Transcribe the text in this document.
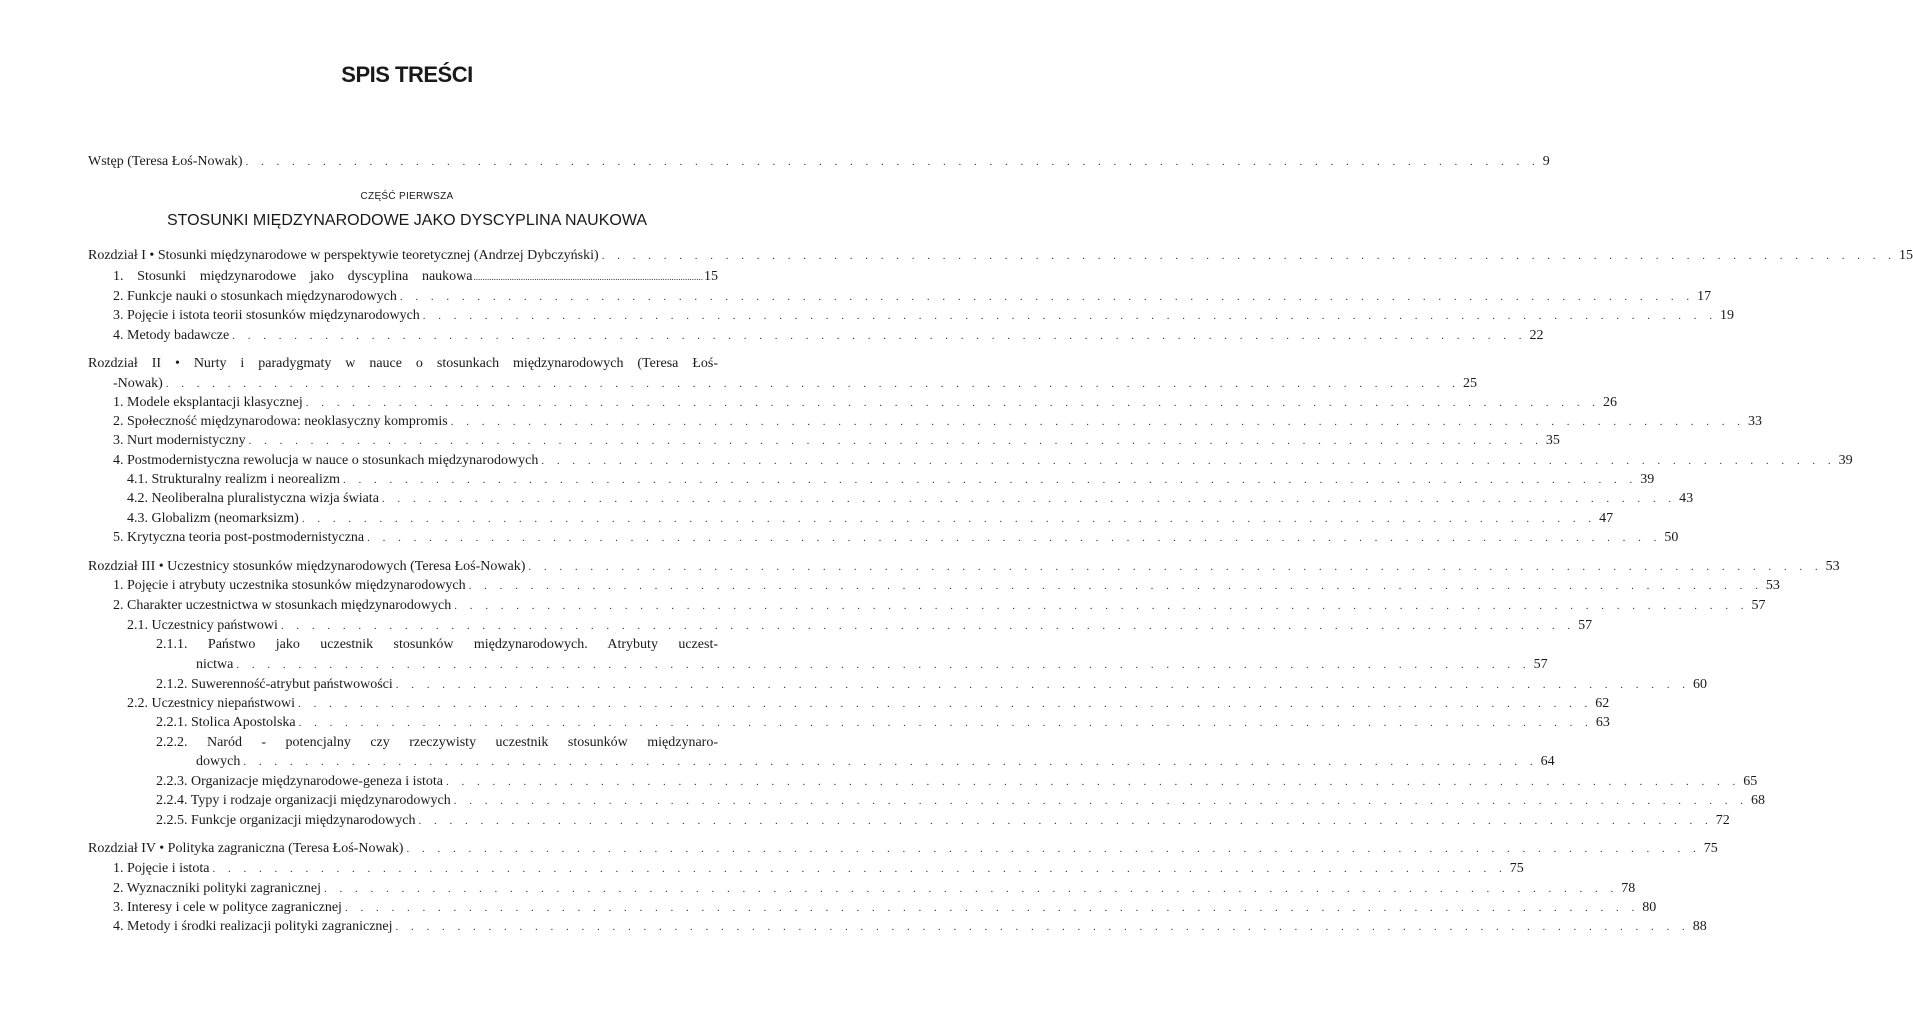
SPIS TREŚCI
Wstęp (Teresa Łoś-Nowak) . . . . . . . . . . . . . . . . . . . . . . . . . . . . . . . . . . . . . . . . . . . . . . . . . . . . . . . . . . . . . . . . . . . . . . . . . . . . . . . . . . . . 9
CZĘŚĆ PIERWSZA
STOSUNKI MIĘDZYNARODOWE JAKO DYSCYPLINA NAUKOWA
Rozdział I • Stosunki międzynarodowe w perspektywie teoretycznej (Andrzej Dybczyński) . . . . . . . . . . . . . . . . . . . . . . . . . . . . . . . . . . . . . . . . . . . . . . . . . . . . . . . . . . . . . . . . . . . . . . . . . . . . . . . . . . . . 15
1. Stosunki międzynarodowe jako dyscyplina naukowa ...................................................................................................... 15
2. Funkcje nauki o stosunkach międzynarodowych . . . . . . . . . . . . . . . . . . . . . . . . . . . . . . . . . . . . . . . . . . . . . . . . . . . . . . . . . . . . . . . . . . . . . . . . . . . . . . . . . . . . 17
3. Pojęcie i istota teorii stosunków międzynarodowych . . . . . . . . . . . . . . . . . . . . . . . . . . . . . . . . . . . . . . . . . . . . . . . . . . . . . . . . . . . . . . . . . . . . . . . . . . . . . . . . . . . . 19
4. Metody badawcze . . . . . . . . . . . . . . . . . . . . . . . . . . . . . . . . . . . . . . . . . . . . . . . . . . . . . . . . . . . . . . . . . . . . . . . . . . . . . . . . . . . . 22
Rozdział II • Nurty i paradygmaty w nauce o stosunkach międzynarodowych (Teresa Łoś-
-Nowak) . . . . . . . . . . . . . . . . . . . . . . . . . . . . . . . . . . . . . . . . . . . . . . . . . . . . . . . . . . . . . . . . . . . . . . . . . . . . . . . . . . . . 25
1. Modele eksplantacji klasycznej . . . . . . . . . . . . . . . . . . . . . . . . . . . . . . . . . . . . . . . . . . . . . . . . . . . . . . . . . . . . . . . . . . . . . . . . . . . . . . . . . . . . 26
2. Społeczność międzynarodowa: neoklasyczny kompromis . . . . . . . . . . . . . . . . . . . . . . . . . . . . . . . . . . . . . . . . . . . . . . . . . . . . . . . . . . . . . . . . . . . . . . . . . . . . . . . . . . . . 33
3. Nurt modernistyczny . . . . . . . . . . . . . . . . . . . . . . . . . . . . . . . . . . . . . . . . . . . . . . . . . . . . . . . . . . . . . . . . . . . . . . . . . . . . . . . . . . . . 35
4. Postmodernistyczna rewolucja w nauce o stosunkach międzynarodowych . . . . . . . . . . . . . . . . . . . . . . . . . . . . . . . . . . . . . . . . . . . . . . . . . . . . . . . . . . . . . . . . . . . . . . . . . . . . . . . . . . . . 39
4.1. Strukturalny realizm i neorealizm . . . . . . . . . . . . . . . . . . . . . . . . . . . . . . . . . . . . . . . . . . . . . . . . . . . . . . . . . . . . . . . . . . . . . . . . . . . . . . . . . . . . 39
4.2. Neoliberalna pluralistyczna wizja świata . . . . . . . . . . . . . . . . . . . . . . . . . . . . . . . . . . . . . . . . . . . . . . . . . . . . . . . . . . . . . . . . . . . . . . . . . . . . . . . . . . . . 43
4.3. Globalizm (neomarksizm) . . . . . . . . . . . . . . . . . . . . . . . . . . . . . . . . . . . . . . . . . . . . . . . . . . . . . . . . . . . . . . . . . . . . . . . . . . . . . . . . . . . . 47
5. Krytyczna teoria post-postmodernistyczna . . . . . . . . . . . . . . . . . . . . . . . . . . . . . . . . . . . . . . . . . . . . . . . . . . . . . . . . . . . . . . . . . . . . . . . . . . . . . . . . . . . . 50
Rozdział III • Uczestnicy stosunków międzynarodowych (Teresa Łoś-Nowak) . . . . . . . . . . . . . . . . . . . . . . . . . . . . . . . . . . . . . . . . . . . . . . . . . . . . . . . . . . . . . . . . . . . . . . . . . . . . . . . . . . . . 53
1. Pojęcie i atrybuty uczestnika stosunków międzynarodowych . . . . . . . . . . . . . . . . . . . . . . . . . . . . . . . . . . . . . . . . . . . . . . . . . . . . . . . . . . . . . . . . . . . . . . . . . . . . . . . . . . . . 53
2. Charakter uczestnictwa w stosunkach międzynarodowych . . . . . . . . . . . . . . . . . . . . . . . . . . . . . . . . . . . . . . . . . . . . . . . . . . . . . . . . . . . . . . . . . . . . . . . . . . . . . . . . . . . . 57
2.1. Uczestnicy państwowi . . . . . . . . . . . . . . . . . . . . . . . . . . . . . . . . . . . . . . . . . . . . . . . . . . . . . . . . . . . . . . . . . . . . . . . . . . . . . . . . . . . . 57
2.1.1. Państwo jako uczestnik stosunków międzynarodowych. Atrybuty uczest-
nictwa . . . . . . . . . . . . . . . . . . . . . . . . . . . . . . . . . . . . . . . . . . . . . . . . . . . . . . . . . . . . . . . . . . . . . . . . . . . . . . . . . . . . 57
2.1.2. Suwerenność-atrybut państwowości . . . . . . . . . . . . . . . . . . . . . . . . . . . . . . . . . . . . . . . . . . . . . . . . . . . . . . . . . . . . . . . . . . . . . . . . . . . . . . . . . . . . 60
2.2. Uczestnicy niepaństwowi . . . . . . . . . . . . . . . . . . . . . . . . . . . . . . . . . . . . . . . . . . . . . . . . . . . . . . . . . . . . . . . . . . . . . . . . . . . . . . . . . . . . 62
2.2.1. Stolica Apostolska . . . . . . . . . . . . . . . . . . . . . . . . . . . . . . . . . . . . . . . . . . . . . . . . . . . . . . . . . . . . . . . . . . . . . . . . . . . . . . . . . . . . 63
2.2.2. Naród - potencjalny czy rzeczywisty uczestnik stosunków międzynaro-
dowych . . . . . . . . . . . . . . . . . . . . . . . . . . . . . . . . . . . . . . . . . . . . . . . . . . . . . . . . . . . . . . . . . . . . . . . . . . . . . . . . . . . . 64
2.2.3. Organizacje międzynarodowe-geneza i istota . . . . . . . . . . . . . . . . . . . . . . . . . . . . . . . . . . . . . . . . . . . . . . . . . . . . . . . . . . . . . . . . . . . . . . . . . . . . . . . . . . . . 65
2.2.4. Typy i rodzaje organizacji międzynarodowych . . . . . . . . . . . . . . . . . . . . . . . . . . . . . . . . . . . . . . . . . . . . . . . . . . . . . . . . . . . . . . . . . . . . . . . . . . . . . . . . . . . . 68
2.2.5. Funkcje organizacji międzynarodowych . . . . . . . . . . . . . . . . . . . . . . . . . . . . . . . . . . . . . . . . . . . . . . . . . . . . . . . . . . . . . . . . . . . . . . . . . . . . . . . . . . . . 72
Rozdział IV • Polityka zagraniczna (Teresa Łoś-Nowak) . . . . . . . . . . . . . . . . . . . . . . . . . . . . . . . . . . . . . . . . . . . . . . . . . . . . . . . . . . . . . . . . . . . . . . . . . . . . . . . . . . . . 75
1. Pojęcie i istota . . . . . . . . . . . . . . . . . . . . . . . . . . . . . . . . . . . . . . . . . . . . . . . . . . . . . . . . . . . . . . . . . . . . . . . . . . . . . . . . . . . . 75
2. Wyznaczniki polityki zagranicznej . . . . . . . . . . . . . . . . . . . . . . . . . . . . . . . . . . . . . . . . . . . . . . . . . . . . . . . . . . . . . . . . . . . . . . . . . . . . . . . . . . . . 78
3. Interesy i cele w polityce zagranicznej . . . . . . . . . . . . . . . . . . . . . . . . . . . . . . . . . . . . . . . . . . . . . . . . . . . . . . . . . . . . . . . . . . . . . . . . . . . . . . . . . . . . 80
4. Metody i środki realizacji polityki zagranicznej . . . . . . . . . . . . . . . . . . . . . . . . . . . . . . . . . . . . . . . . . . . . . . . . . . . . . . . . . . . . . . . . . . . . . . . . . . . . . . . . . . . . 88
